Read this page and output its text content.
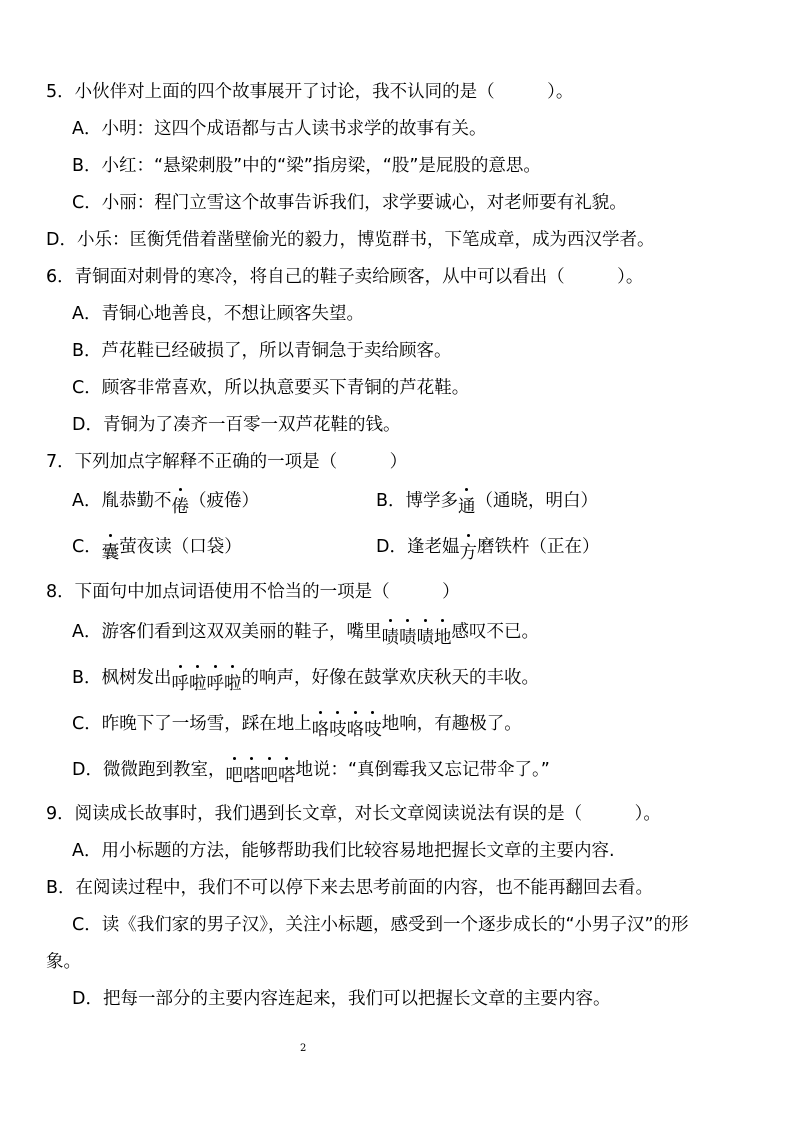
5．小伙伴对上面的四个故事展开了讨论，我不认同的是（　　　）。
A．小明：这四个成语都与古人读书求学的故事有关。
B．小红：“悬梁刺股”中的“梁”指房梁，“股”是屁股的意思。
C．小丽：程门立雪这个故事告诉我们，求学要诚心，对老师要有礼貌。
D．小乐：匡衡凭借着凿壁偷光的毅力，博览群书，下笔成章，成为西汉学者。
6．青铜面对刺骨的寒冷，将自己的鞋子卖给顾客，从中可以看出（　　　）。
A．青铜心地善良，不想让顾客失望。
B．芦花鞋已经破损了，所以青铜急于卖给顾客。
C．顾客非常喜欢，所以执意要买下青铜的芦花鞋。
D．青铜为了凑齐一百零一双芦花鞋的钱。
7．下列加点字解释不正确的一项是（　　　）
A．胤恭勤不倦（疲倦）	B．博学多通（通晓，明白）
C．囊萤夜读（口袋）	D．逢老媪方磨铁杵（正在）
8．下面句中加点词语使用不恰当的一项是（　　　）
A．游客们看到这双双美丽的鞋子，嘴里啧啧啧地感叹不已。
B．枫树发出呼啦呼啦的响声，好像在鼓掌欢庆秋天的丰收。
C．昨晚下了一场雪，踩在地上咯吱咯吱地响，有趣极了。
D．微微跑到教室，吧嗒吧嗒地说：“真倒霉我又忘记带伞了。”
9．阅读成长故事时，我们遇到长文章，对长文章阅读说法有误的是（　　　）。
A．用小标题的方法，能够帮助我们比较容易地把握长文章的主要内容.
B．在阅读过程中，我们不可以停下来去思考前面的内容，也不能再翻回去看。
C．读《我们家的男子汉》，关注小标题，感受到一个逐步成长的“小男子汉”的形
象。
D．把每一部分的主要内容连起来，我们可以把握长文章的主要内容。
2
